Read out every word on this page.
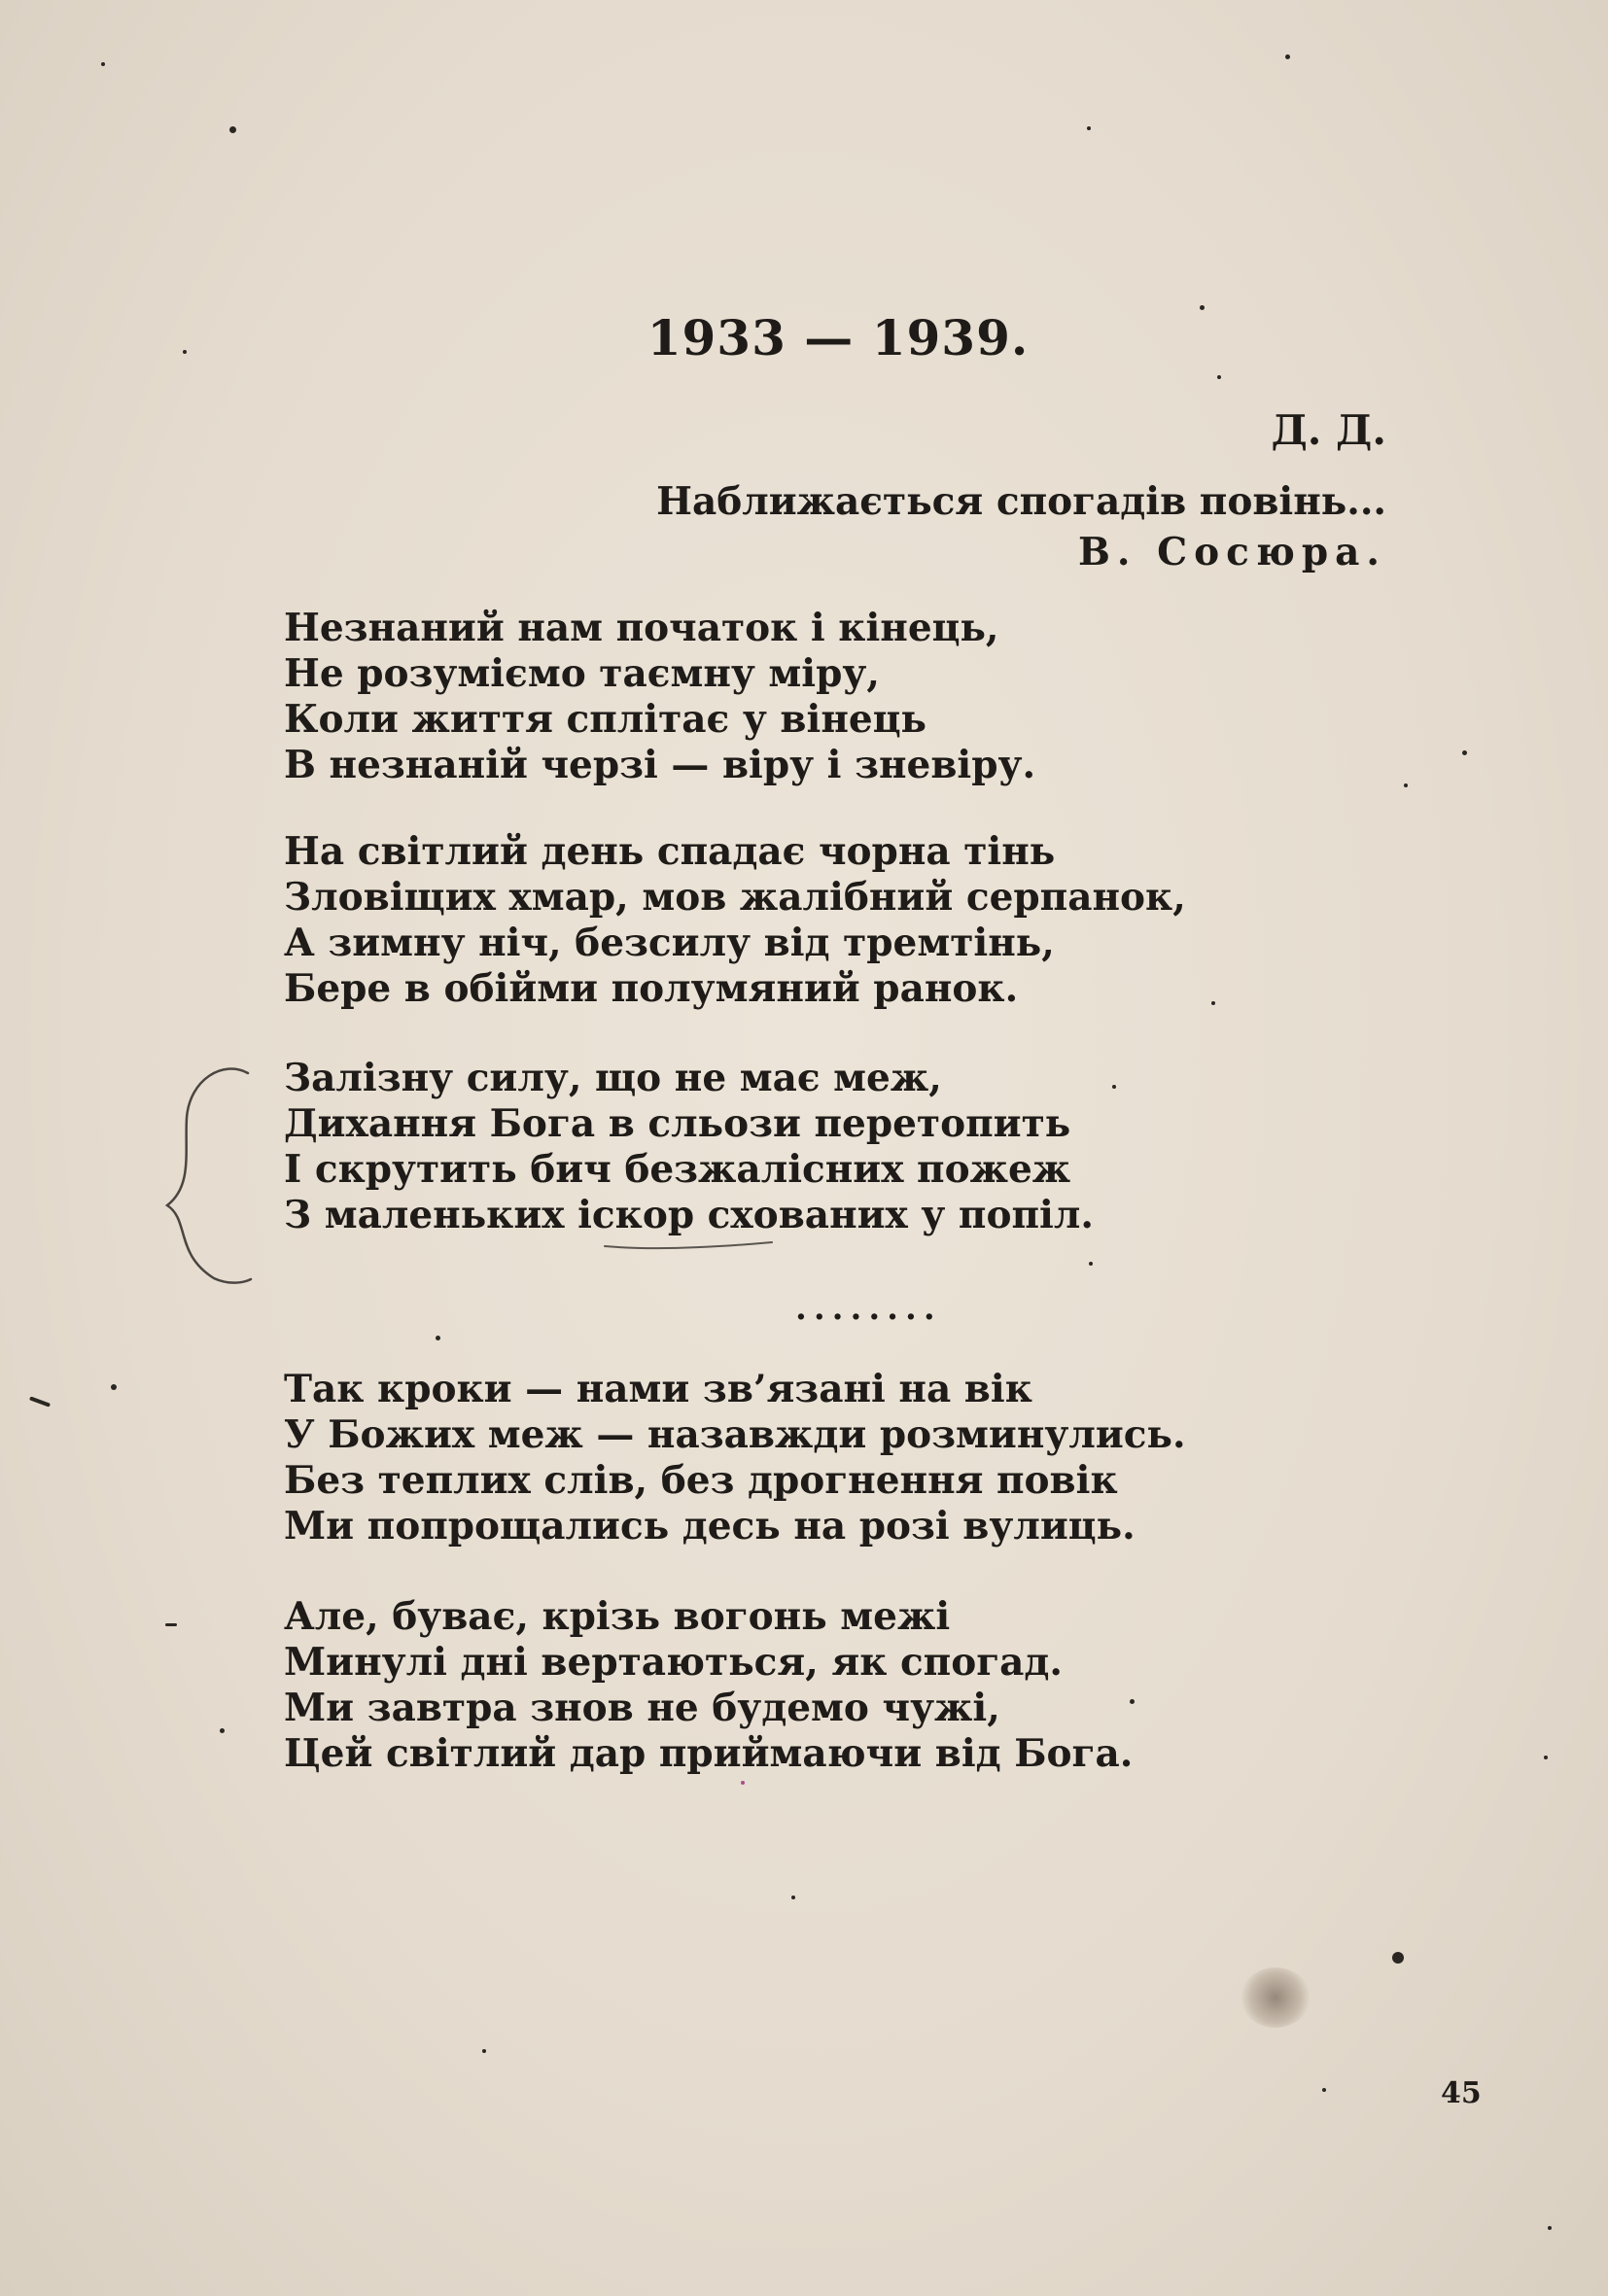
1933 — 1939.
Д. Д.
Наближається спогадів повінь...
В. Сосюра.
Незнаний нам початок і кінець,
Не розуміємо таємну міру,
Коли життя сплітає у вінець
В незнаній черзі — віру і зневіру.
На світлий день спадає чорна тінь
Зловіщих хмар, мов жалібний серпанок,
А зимну ніч, безсилу від тремтінь,
Бере в обійми полумяний ранок.
Залізну силу, що не має меж,
Дихання Бога в сльози перетопить
І скрутить бич безжалісних пожеж
З маленьких іскор схованих у попіл.
........
Так кроки — нами зв’язані на вік
У Божих меж — назавжди розминулись.
Без теплих слів, без дрогнення повік
Ми попрощались десь на розі вулиць.
Але, буває, крізь вогонь межі
Минулі дні вертаються, як спогад.
Ми завтра знов не будемо чужі,
Цей світлий дар приймаючи від Бога.
45
